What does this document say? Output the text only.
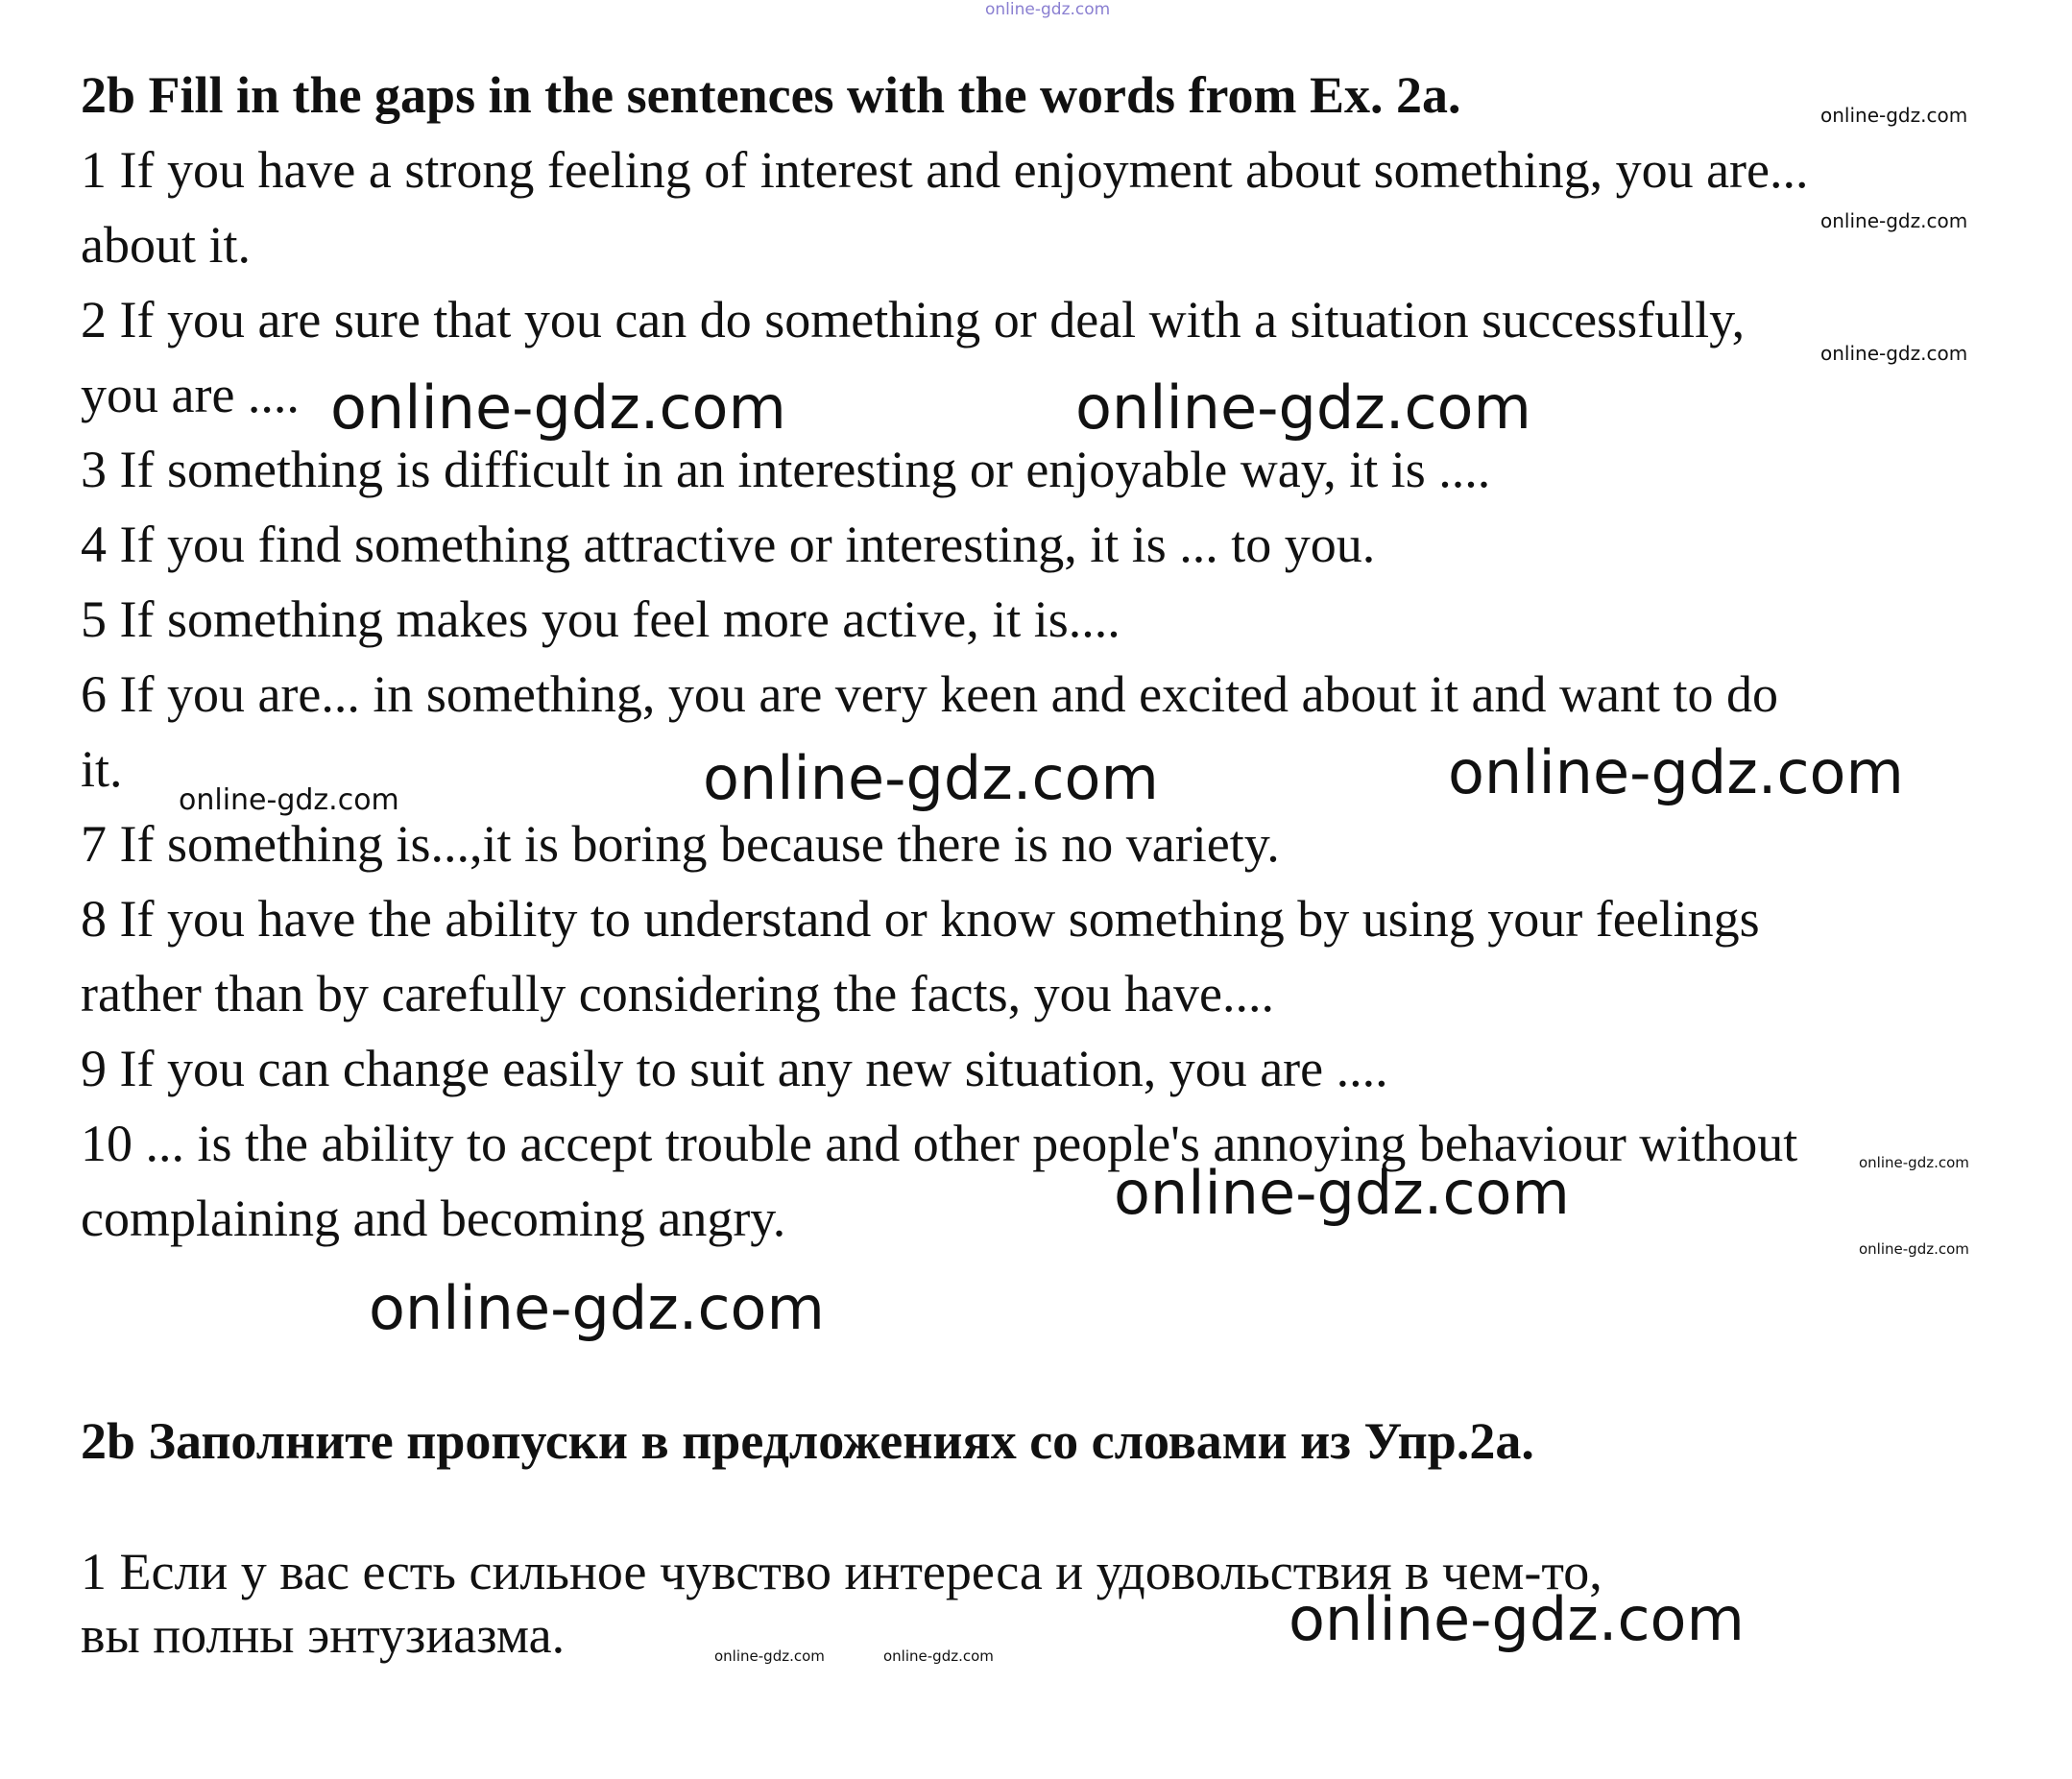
2b Fill in the gaps in the sentences with the words from Ex. 2a.

1 If you have a strong feeling of interest and enjoyment about something, you are...

about it.

2 If you are sure that you can do something or deal with a situation successfully,

you are ....

3 If something is difficult in an interesting or enjoyable way, it is ....

4 If you find something attractive or interesting, it is ... to you.

5 If something makes you feel more active, it is....

6 If you are... in something, you are very keen and excited about it and want to do

it.

7 If something is...,it is boring because there is no variety.

8 If you have the ability to understand or know something by using your feelings

rather than by carefully considering the facts, you have....

9 If you can change easily to suit any new situation, you are ....

10 ... is the ability to accept trouble and other people's annoying behaviour without

complaining and becoming angry.

2b Заполните пропуски в предложениях со словами из Упр.2а.

1 Если у вас есть сильное чувство интереса и удовольствия в чем-то,

вы полны энтузиазма.

online-gdz.com
online-gdz.com
online-gdz.com
online-gdz.com
online-gdz.com	online-gdz.com
online-gdz.com	online-gdz.com	online-gdz.com
online-gdz.com
online-gdz.com
online-gdz.com
online-gdz.com
online-gdz.com
online-gdz.com	online-gdz.com
